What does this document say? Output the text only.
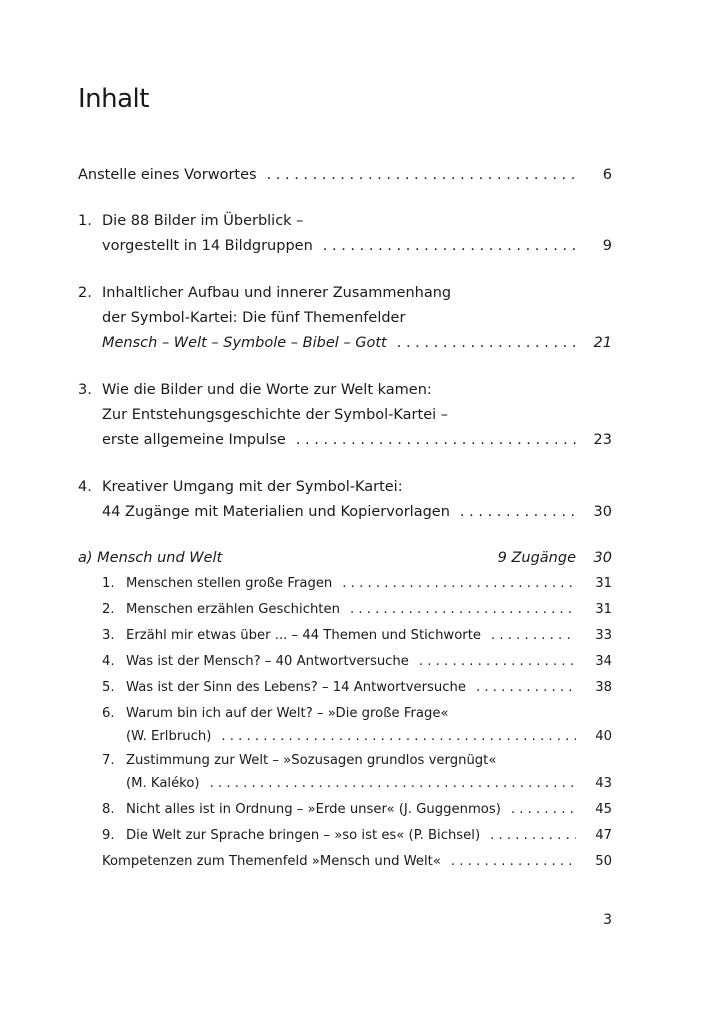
Inhalt
Anstelle eines Vorwortes . . .	6
1. Die 88 Bilder im Überblick –
vorgestellt in 14 Bildgruppen . . .	9
2. Inhaltlicher Aufbau und innerer Zusammenhang
der Symbol-Kartei: Die fünf Themenfelder
Mensch – Welt – Symbole – Bibel – Gott . . .	21
3. Wie die Bilder und die Worte zur Welt kamen:
Zur Entstehungsgeschichte der Symbol-Kartei –
erste allgemeine Impulse . . .	23
4. Kreativer Umgang mit der Symbol-Kartei:
44 Zugänge mit Materialien und Kopiervorlagen . . .	30
a) Mensch und Welt	9 Zugänge 30
1. Menschen stellen große Fragen . . .	31
2. Menschen erzählen Geschichten . . .	31
3. Erzähl mir etwas über ... – 44 Themen und Stichworte . . .	33
4. Was ist der Mensch? – 40 Antwortversuche . . .	34
5. Was ist der Sinn des Lebens? – 14 Antwortversuche . . .	38
6. Warum bin ich auf der Welt? – »Die große Frage«
(W. Erlbruch) . . .	40
7. Zustimmung zur Welt – »Sozusagen grundlos vergnügt«
(M. Kaléko) . . .	43
8. Nicht alles ist in Ordnung – »Erde unser« (J. Guggenmos) . . .	45
9. Die Welt zur Sprache bringen – »so ist es« (P. Bichsel) . . .	47
Kompetenzen zum Themenfeld »Mensch und Welt« . . .	50
3
